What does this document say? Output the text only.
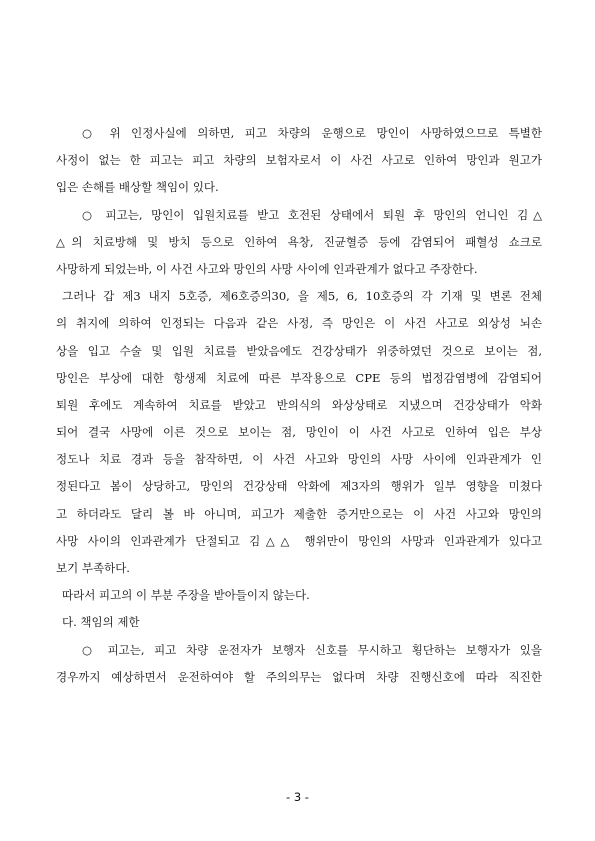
○ 위 인정사실에 의하면, 피고 차량의 운행으로 망인이 사망하였으므로 특별한
사정이 없는 한 피고는 피고 차량의 보험자로서 이 사건 사고로 인하여 망인과 원고가
입은 손해를 배상할 책임이 있다.
○ 피고는, 망인이 입원치료를 받고 호전된 상태에서 퇴원 후 망인의 언니인 김△
△의 치료방해 및 방치 등으로 인하여 욕창, 진균혈증 등에 감염되어 패혈성 쇼크로
사망하게 되었는바, 이 사건 사고와 망인의 사망 사이에 인과관계가 없다고 주장한다.
그러나 갑 제3 내지 5호증, 제6호증의30, 을 제5, 6, 10호증의 각 기재 및 변론 전체
의 취지에 의하여 인정되는 다음과 같은 사정, 즉 망인은 이 사건 사고로 외상성 뇌손
상을 입고 수술 및 입원 치료를 받았음에도 건강상태가 위중하였던 것으로 보이는 점,
망인은 부상에 대한 항생제 치료에 따른 부작용으로 CPE 등의 법정감염병에 감염되어
퇴원 후에도 계속하여 치료를 받았고 반의식의 와상상태로 지냈으며 건강상태가 악화
되어 결국 사망에 이른 것으로 보이는 점, 망인이 이 사건 사고로 인하여 입은 부상
정도나 치료 경과 등을 참작하면, 이 사건 사고와 망인의 사망 사이에 인과관계가 인
정된다고 봄이 상당하고, 망인의 건강상태 악화에 제3자의 행위가 일부 영향을 미쳤다
고 하더라도 달리 볼 바 아니며, 피고가 제출한 증거만으로는 이 사건 사고와 망인의
사망 사이의 인과관계가 단절되고 김△△ 행위만이 망인의 사망과 인과관계가 있다고
보기 부족하다.
따라서 피고의 이 부분 주장을 받아들이지 않는다.
다. 책임의 제한
○ 피고는, 피고 차량 운전자가 보행자 신호를 무시하고 횡단하는 보행자가 있을
경우까지 예상하면서 운전하여야 할 주의의무는 없다며 차량 진행신호에 따라 직진한
- 3 -
